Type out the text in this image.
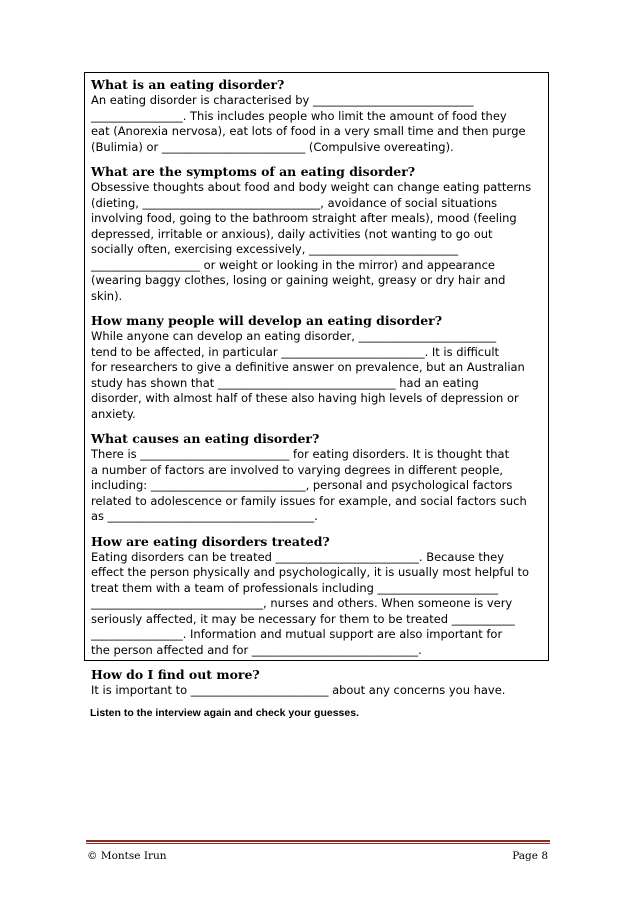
What is an eating disorder?
An eating disorder is characterised by ____________________________
________________. This includes people who limit the amount of food they
eat (Anorexia nervosa), eat lots of food in a very small time and then purge
(Bulimia) or _________________________ (Compulsive overeating).
What are the symptoms of an eating disorder?
Obsessive thoughts about food and body weight can change eating patterns
(dieting, _______________________________, avoidance of social situations
involving food, going to the bathroom straight after meals), mood (feeling
depressed, irritable or anxious), daily activities (not wanting to go out
socially often, exercising excessively, __________________________
___________________ or weight or looking in the mirror) and appearance
(wearing baggy clothes, losing or gaining weight, greasy or dry hair and
skin).
How many people will develop an eating disorder?
While anyone can develop an eating disorder, ________________________
tend to be affected, in particular _________________________. It is difficult
for researchers to give a definitive answer on prevalence, but an Australian
study has shown that _______________________________ had an eating
disorder, with almost half of these also having high levels of depression or
anxiety.
What causes an eating disorder?
There is __________________________ for eating disorders. It is thought that
a number of factors are involved to varying degrees in different people,
including: ___________________________, personal and psychological factors
related to adolescence or family issues for example, and social factors such
as ____________________________________.
How are eating disorders treated?
Eating disorders can be treated _________________________. Because they
effect the person physically and psychologically, it is usually most helpful to
treat them with a team of professionals including _____________________
______________________________, nurses and others. When someone is very
seriously affected, it may be necessary for them to be treated ___________
________________. Information and mutual support are also important for
the person affected and for _____________________________.
How do I find out more?
It is important to ________________________ about any concerns you have.
Listen to the interview again and check your guesses.
© Montse Irun	Page 8
